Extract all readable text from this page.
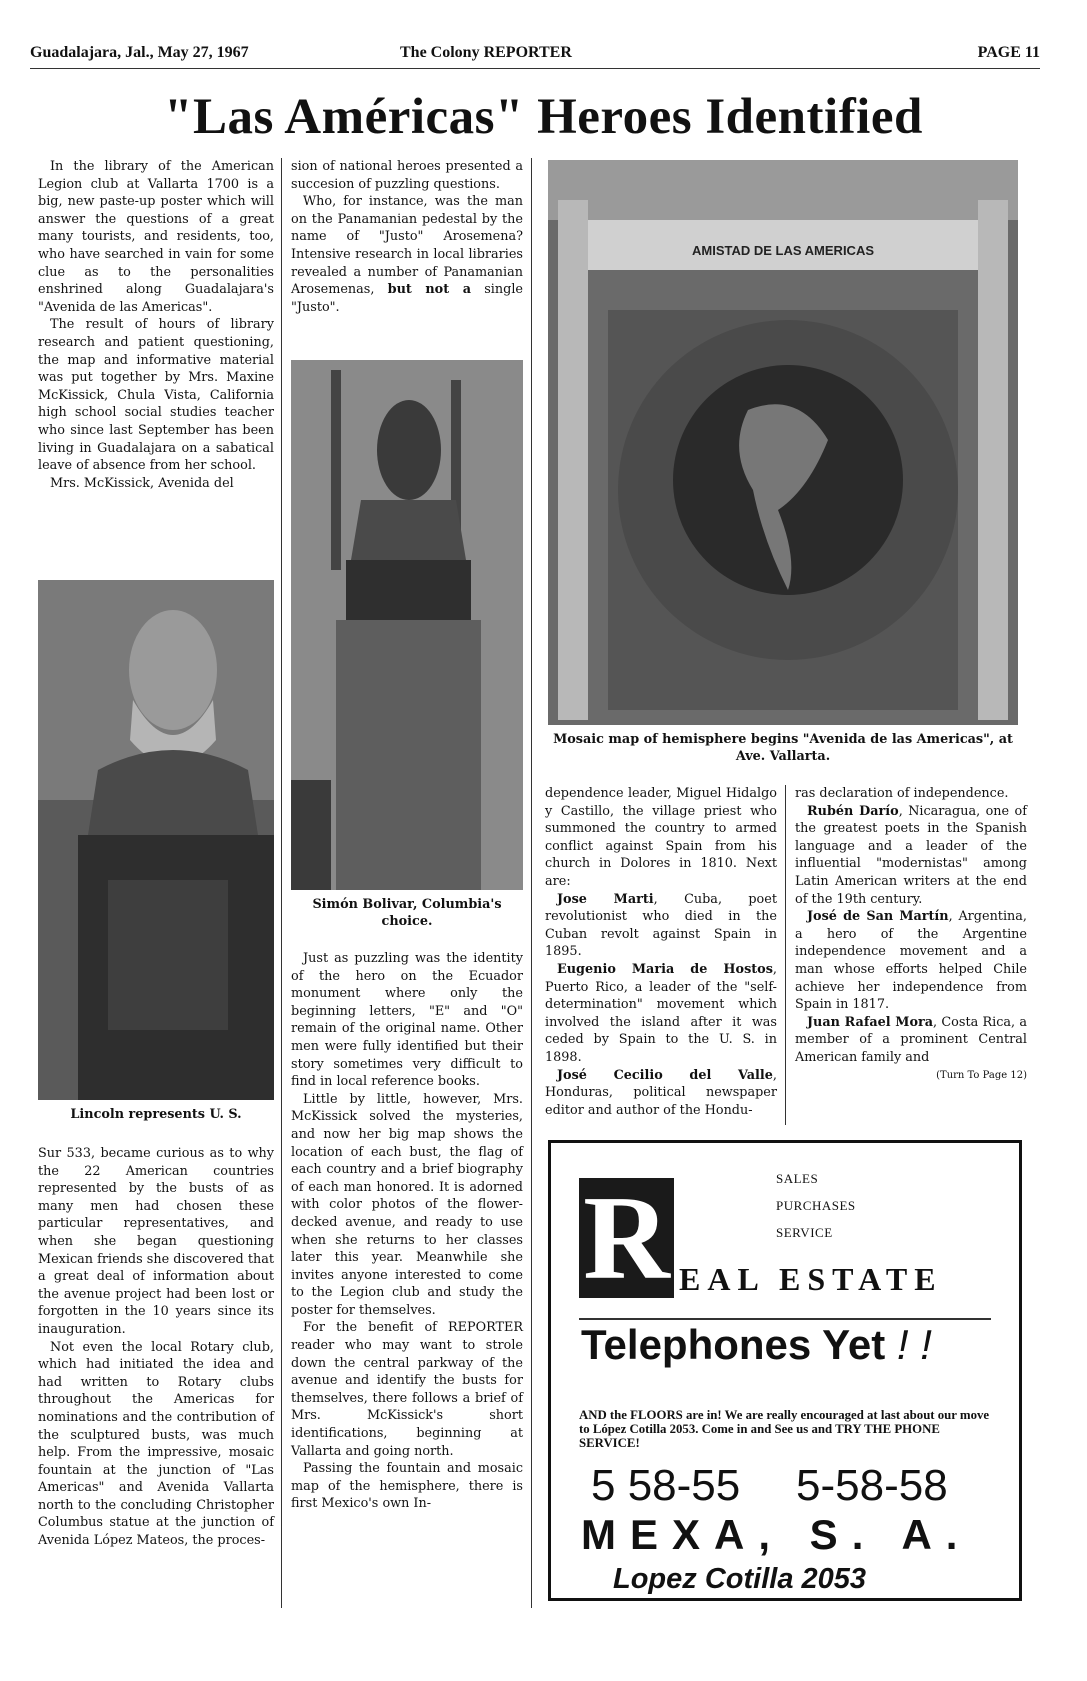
Guadalajara, Jal., May 27, 1967	The Colony REPORTER	PAGE 11
"Las Américas" Heroes Identified

In the library of the American Legion club at Vallarta 1700 is a big, new paste-up poster which will answer the questions of a great many tourists, and residents, too, who have searched in vain for some clue as to the personalities enshrined along Guadalajara's "Avenida de las Americas".

The result of hours of library research and patient questioning, the map and informative material was put together by Mrs. Maxine McKissick, Chula Vista, California high school social studies teacher who since last September has been living in Guadalajara on a sabatical leave of absence from her school.

Mrs. McKissick, Avenida del

Lincoln represents U. S.

Sur 533, became curious as to why the 22 American countries represented by the busts of as many men had chosen these particular representatives, and when she began questioning Mexican friends she discovered that a great deal of information about the avenue project had been lost or forgotten in the 10 years since its inauguration.

Not even the local Rotary club, which had initiated the idea and had written to Rotary clubs throughout the Americas for nominations and the contribution of the sculptured busts, was much help. From the impressive, mosaic fountain at the junction of "Las Americas" and Avenida Vallarta north to the concluding Christopher Columbus statue at the junction of Avenida López Mateos, the proces-

sion of national heroes presented a succesion of puzzling questions.

Who, for instance, was the man on the Panamanian pedestal by the name of "Justo" Arosemena? Intensive research in local libraries revealed a number of Panamanian Arosemenas, but not a single "Justo".

Simón Bolivar, Columbia's choice.

Just as puzzling was the identity of the hero on the Ecuador monument where only the beginning letters, "E" and "O" remain of the original name. Other men were fully identified but their story sometimes very difficult to find in local reference books.

Little by little, however, Mrs. McKissick solved the mysteries, and now her big map shows the location of each bust, the flag of each country and a brief biography of each man honored. It is adorned with color photos of the flower-decked avenue, and ready to use when she returns to her classes later this year. Meanwhile she invites anyone interested to come to the Legion club and study the poster for themselves.

For the benefit of REPORTER reader who may want to strole down the central parkway of the avenue and identify the busts for themselves, there follows a brief of Mrs. McKissick's short identifications, beginning at Vallarta and going north.

Passing the fountain and mosaic map of the hemisphere, there is first Mexico's own In-

AMISTAD DE LAS AMERICAS
Mosaic map of hemisphere begins "Avenida de las Americas", at Ave. Vallarta.

dependence leader, Miguel Hidalgo y Castillo, the village priest who summoned the country to armed conflict against Spain from his church in Dolores in 1810. Next are:

Jose Marti, Cuba, poet revolutionist who died in the Cuban revolt against Spain in 1895.

Eugenio Maria de Hostos, Puerto Rico, a leader of the "self-determination" movement which involved the island after it was ceded by Spain to the U. S. in 1898.

José Cecilio del Valle, Honduras, political newspaper editor and author of the Hondu-

ras declaration of independence.

Rubén Darío, Nicaragua, one of the greatest poets in the Spanish language and a leader of the influential "modernistas" among Latin American writers at the end of the 19th century.

José de San Martín, Argentina, a hero of the Argentine independence movement and a man whose efforts helped Chile achieve her independence from Spain in 1817.

Juan Rafael Mora, Costa Rica, a member of a prominent Central American family and

(Turn To Page 12)
R	SALES
PURCHASES
SERVICE
EAL ESTATE
Telephones Yet ! !
AND the FLOORS are in! We are really encouraged at last about our move to López Cotilla 2053. Come in and See us and TRY THE PHONE SERVICE!
5 58-55 5-58-58
MEXA, S. A.
Lopez Cotilla 2053
